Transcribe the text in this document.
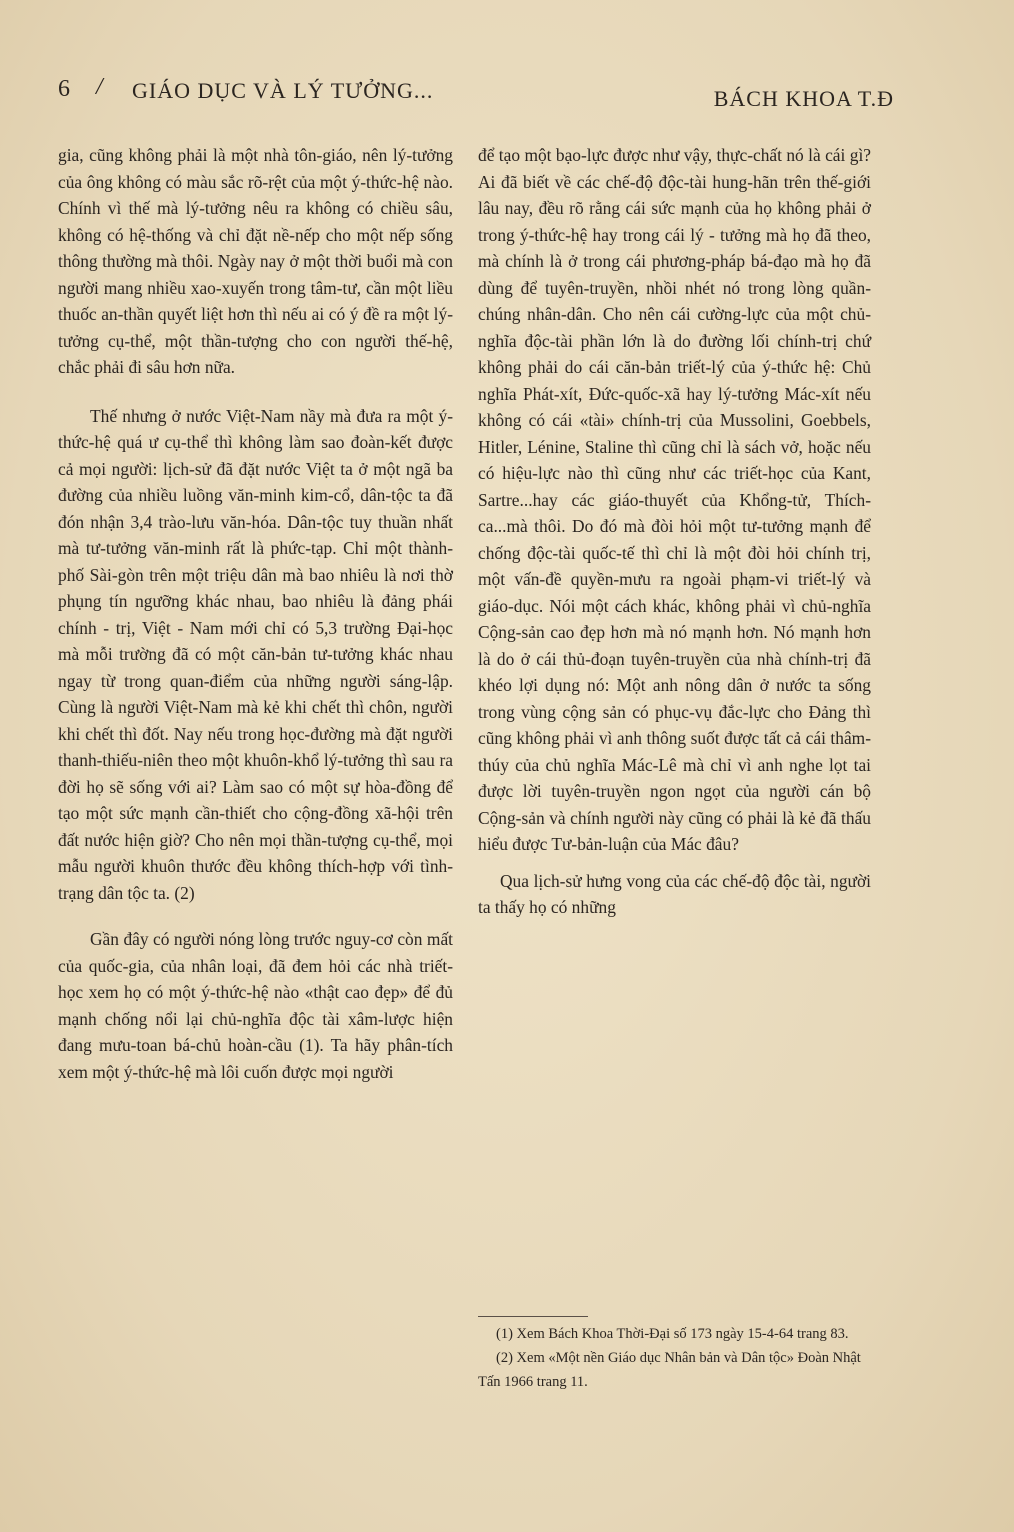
6 / GIÁO DỤC VÀ LÝ TƯỞNG...	BÁCH KHOA T.Đ

gia, cũng không phải là một nhà tôn-giáo, nên lý-tưởng của ông không có màu sắc rõ-rệt của một ý-thức-hệ nào. Chính vì thế mà lý-tưởng nêu ra không có chiều sâu, không có hệ-thống và chỉ đặt nề-nếp cho một nếp sống thông thường mà thôi. Ngày nay ở một thời buổi mà con người mang nhiều xao-xuyến trong tâm-tư, cần một liều thuốc an-thần quyết liệt hơn thì nếu ai có ý đề ra một lý-tưởng cụ-thể, một thần-tượng cho con người thế-hệ, chắc phải đi sâu hơn nữa.

Thế nhưng ở nước Việt-Nam nầy mà đưa ra một ý-thức-hệ quá ư cụ-thể thì không làm sao đoàn-kết được cả mọi người: lịch-sử đã đặt nước Việt ta ở một ngã ba đường của nhiều luồng văn-minh kim-cổ, dân-tộc ta đã đón nhận 3,4 trào-lưu văn-hóa. Dân-tộc tuy thuần nhất mà tư-tưởng văn-minh rất là phức-tạp. Chỉ một thành-phố Sài-gòn trên một triệu dân mà bao nhiêu là nơi thờ phụng tín ngưỡng khác nhau, bao nhiêu là đảng phái chính - trị, Việt - Nam mới chỉ có 5,3 trường Đại-học mà mỗi trường đã có một căn-bản tư-tưởng khác nhau ngay từ trong quan-điểm của những người sáng-lập. Cùng là người Việt-Nam mà kẻ khi chết thì chôn, người khi chết thì đốt. Nay nếu trong học-đường mà đặt người thanh-thiếu-niên theo một khuôn-khổ lý-tưởng thì sau ra đời họ sẽ sống với ai? Làm sao có một sự hòa-đồng để tạo một sức mạnh cần-thiết cho cộng-đồng xã-hội trên đất nước hiện giờ? Cho nên mọi thần-tượng cụ-thể, mọi mẫu người khuôn thước đều không thích-hợp với tình-trạng dân tộc ta. (2)

Gần đây có người nóng lòng trước nguy-cơ còn mất của quốc-gia, của nhân loại, đã đem hỏi các nhà triết-học xem họ có một ý-thức-hệ nào «thật cao đẹp» để đủ mạnh chống nổi lại chủ-nghĩa độc tài xâm-lược hiện đang mưu-toan bá-chủ hoàn-cầu (1). Ta hãy phân-tích xem một ý-thức-hệ mà lôi cuốn được mọi người

để tạo một bạo-lực được như vậy, thực-chất nó là cái gì? Ai đã biết về các chế-độ độc-tài hung-hãn trên thế-giới lâu nay, đều rõ rằng cái sức mạnh của họ không phải ở trong ý-thức-hệ hay trong cái lý - tưởng mà họ đã theo, mà chính là ở trong cái phương-pháp bá-đạo mà họ đã dùng để tuyên-truyền, nhồi nhét nó trong lòng quần-chúng nhân-dân. Cho nên cái cường-lực của một chủ-nghĩa độc-tài phần lớn là do đường lối chính-trị chứ không phải do cái căn-bản triết-lý của ý-thức hệ: Chủ nghĩa Phát-xít, Đức-quốc-xã hay lý-tưởng Mác-xít nếu không có cái «tài» chính-trị của Mussolini, Goebbels, Hitler, Lénine, Staline thì cũng chỉ là sách vở, hoặc nếu có hiệu-lực nào thì cũng như các triết-học của Kant, Sartre...hay các giáo-thuyết của Khổng-tử, Thích-ca...mà thôi. Do đó mà đòi hỏi một tư-tưởng mạnh để chống độc-tài quốc-tế thì chỉ là một đòi hỏi chính trị, một vấn-đề quyền-mưu ra ngoài phạm-vi triết-lý và giáo-dục. Nói một cách khác, không phải vì chủ-nghĩa Cộng-sản cao đẹp hơn mà nó mạnh hơn. Nó mạnh hơn là do ở cái thủ-đoạn tuyên-truyền của nhà chính-trị đã khéo lợi dụng nó: Một anh nông dân ở nước ta sống trong vùng cộng sản có phục-vụ đắc-lực cho Đảng thì cũng không phải vì anh thông suốt được tất cả cái thâm-thúy của chủ nghĩa Mác-Lê mà chỉ vì anh nghe lọt tai được lời tuyên-truyền ngon ngọt của người cán bộ Cộng-sản và chính người này cũng có phải là kẻ đã thấu hiểu được Tư-bản-luận của Mác đâu?

Qua lịch-sử hưng vong của các chế-độ độc tài, người ta thấy họ có những

(1) Xem Bách Khoa Thời-Đại số 173 ngày 15-4-64 trang 83.

(2) Xem «Một nền Giáo dục Nhân bản và Dân tộc» Đoàn Nhật Tấn 1966 trang 11.
